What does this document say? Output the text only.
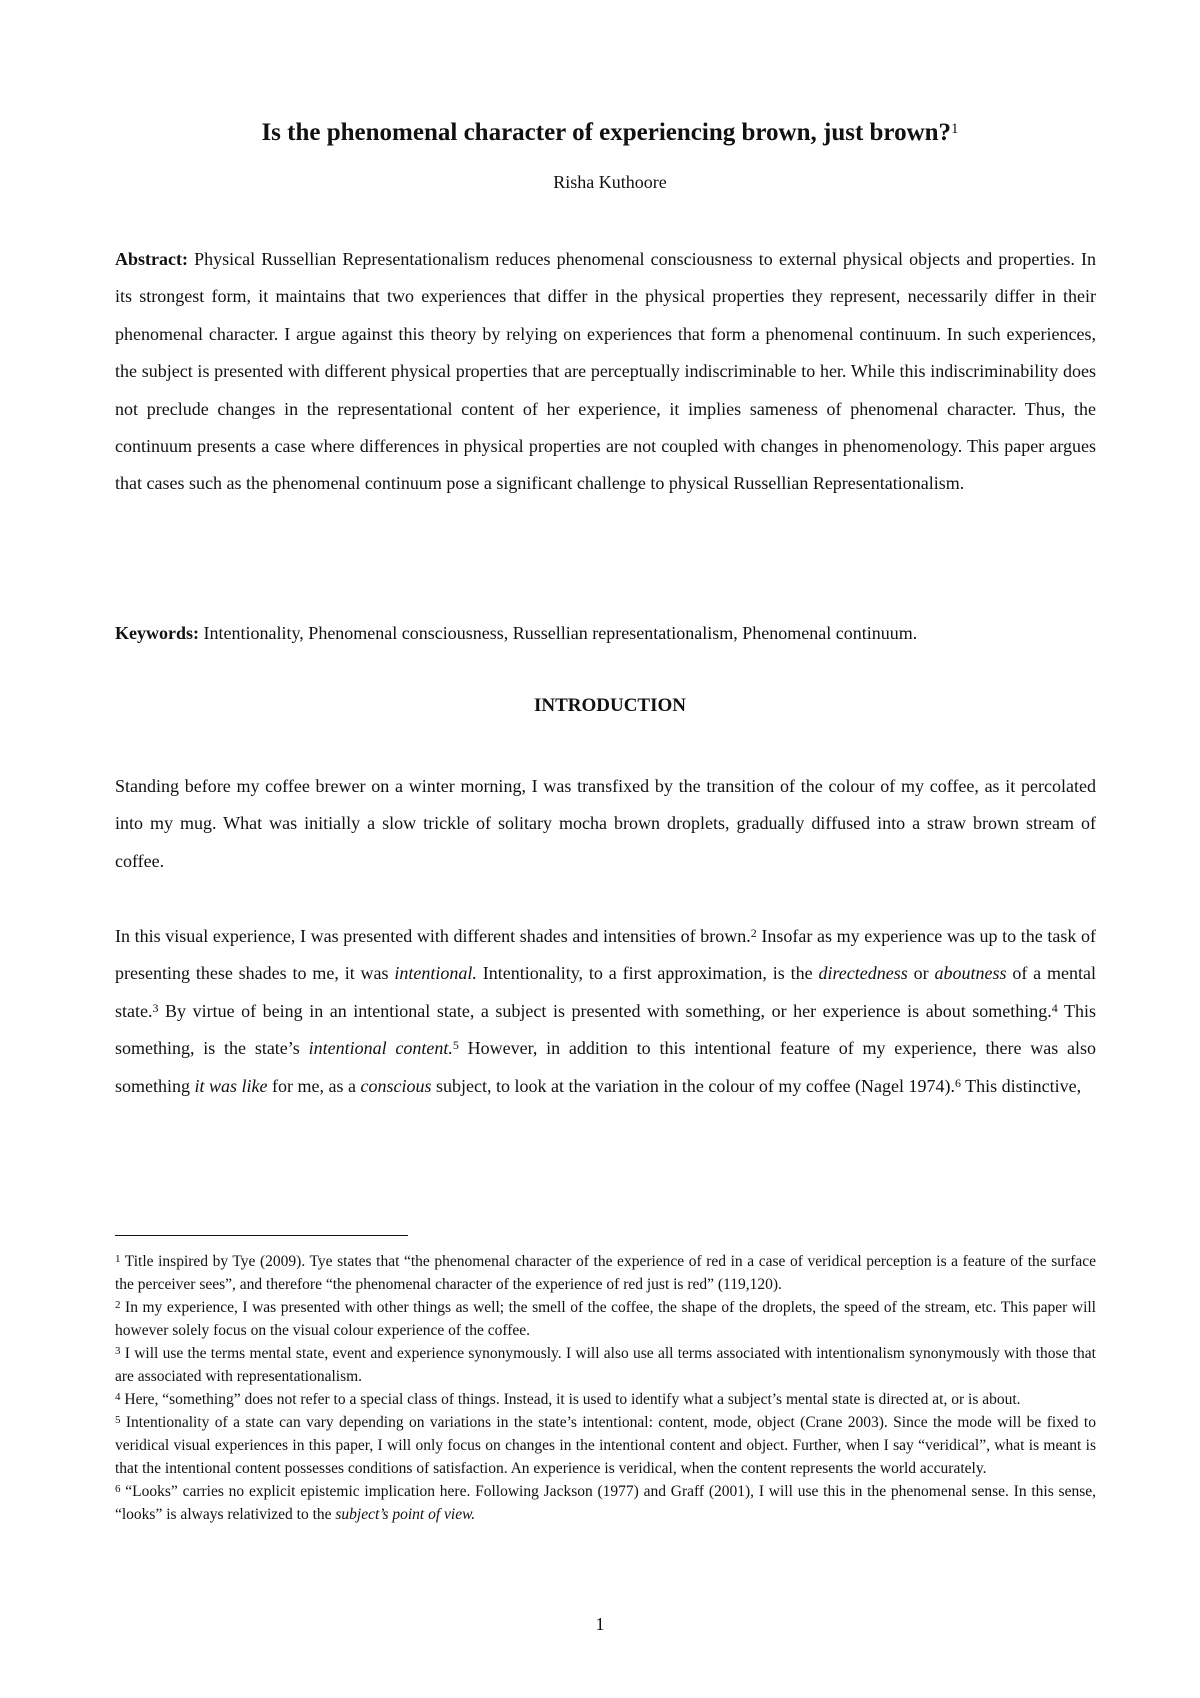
Is the phenomenal character of experiencing brown, just brown?$^1$

Risha Kuthoore

Abstract: Physical Russellian Representationalism reduces phenomenal consciousness to external physical objects and properties. In its strongest form, it maintains that two experiences that differ in the physical properties they represent, necessarily differ in their phenomenal character. I argue against this theory by relying on experiences that form a phenomenal continuum. In such experiences, the subject is presented with different physical properties that are perceptually indiscriminable to her. While this indiscriminability does not preclude changes in the representational content of her experience, it implies sameness of phenomenal character. Thus, the continuum presents a case where differences in physical properties are not coupled with changes in phenomenology. This paper argues that cases such as the phenomenal continuum pose a significant challenge to physical Russellian Representationalism.

Keywords: Intentionality, Phenomenal consciousness, Russellian representationalism, Phenomenal continuum.

INTRODUCTION

Standing before my coffee brewer on a winter morning, I was transfixed by the transition of the colour of my coffee, as it percolated into my mug. What was initially a slow trickle of solitary mocha brown droplets, gradually diffused into a straw brown stream of coffee.

In this visual experience, I was presented with different shades and intensities of brown.$^2$ Insofar as my experience was up to the task of presenting these shades to me, it was intentional. Intentionality, to a first approximation, is the directedness or aboutness of a mental state.$^3$ By virtue of being in an intentional state, a subject is presented with something, or her experience is about something.$^4$ This something, is the state’s intentional content.$^5$ However, in addition to this intentional feature of my experience, there was also something it was like for me, as a conscious subject, to look at the variation in the colour of my coffee (Nagel 1974).$^6$ This distinctive,

$^1$ Title inspired by Tye (2009). Tye states that “the phenomenal character of the experience of red in a case of veridical perception is a feature of the surface the perceiver sees”, and therefore “the phenomenal character of the experience of red just is red” (119,120).

$^2$ In my experience, I was presented with other things as well; the smell of the coffee, the shape of the droplets, the speed of the stream, etc. This paper will however solely focus on the visual colour experience of the coffee.

$^3$ I will use the terms mental state, event and experience synonymously. I will also use all terms associated with intentionalism synonymously with those that are associated with representationalism.

$^4$ Here, “something” does not refer to a special class of things. Instead, it is used to identify what a subject’s mental state is directed at, or is about.

$^5$ Intentionality of a state can vary depending on variations in the state’s intentional: content, mode, object (Crane 2003). Since the mode will be fixed to veridical visual experiences in this paper, I will only focus on changes in the intentional content and object. Further, when I say “veridical”, what is meant is that the intentional content possesses conditions of satisfaction. An experience is veridical, when the content represents the world accurately.

$^6$ “Looks” carries no explicit epistemic implication here. Following Jackson (1977) and Graff (2001), I will use this in the phenomenal sense. In this sense, “looks” is always relativized to the subject’s point of view.

1
